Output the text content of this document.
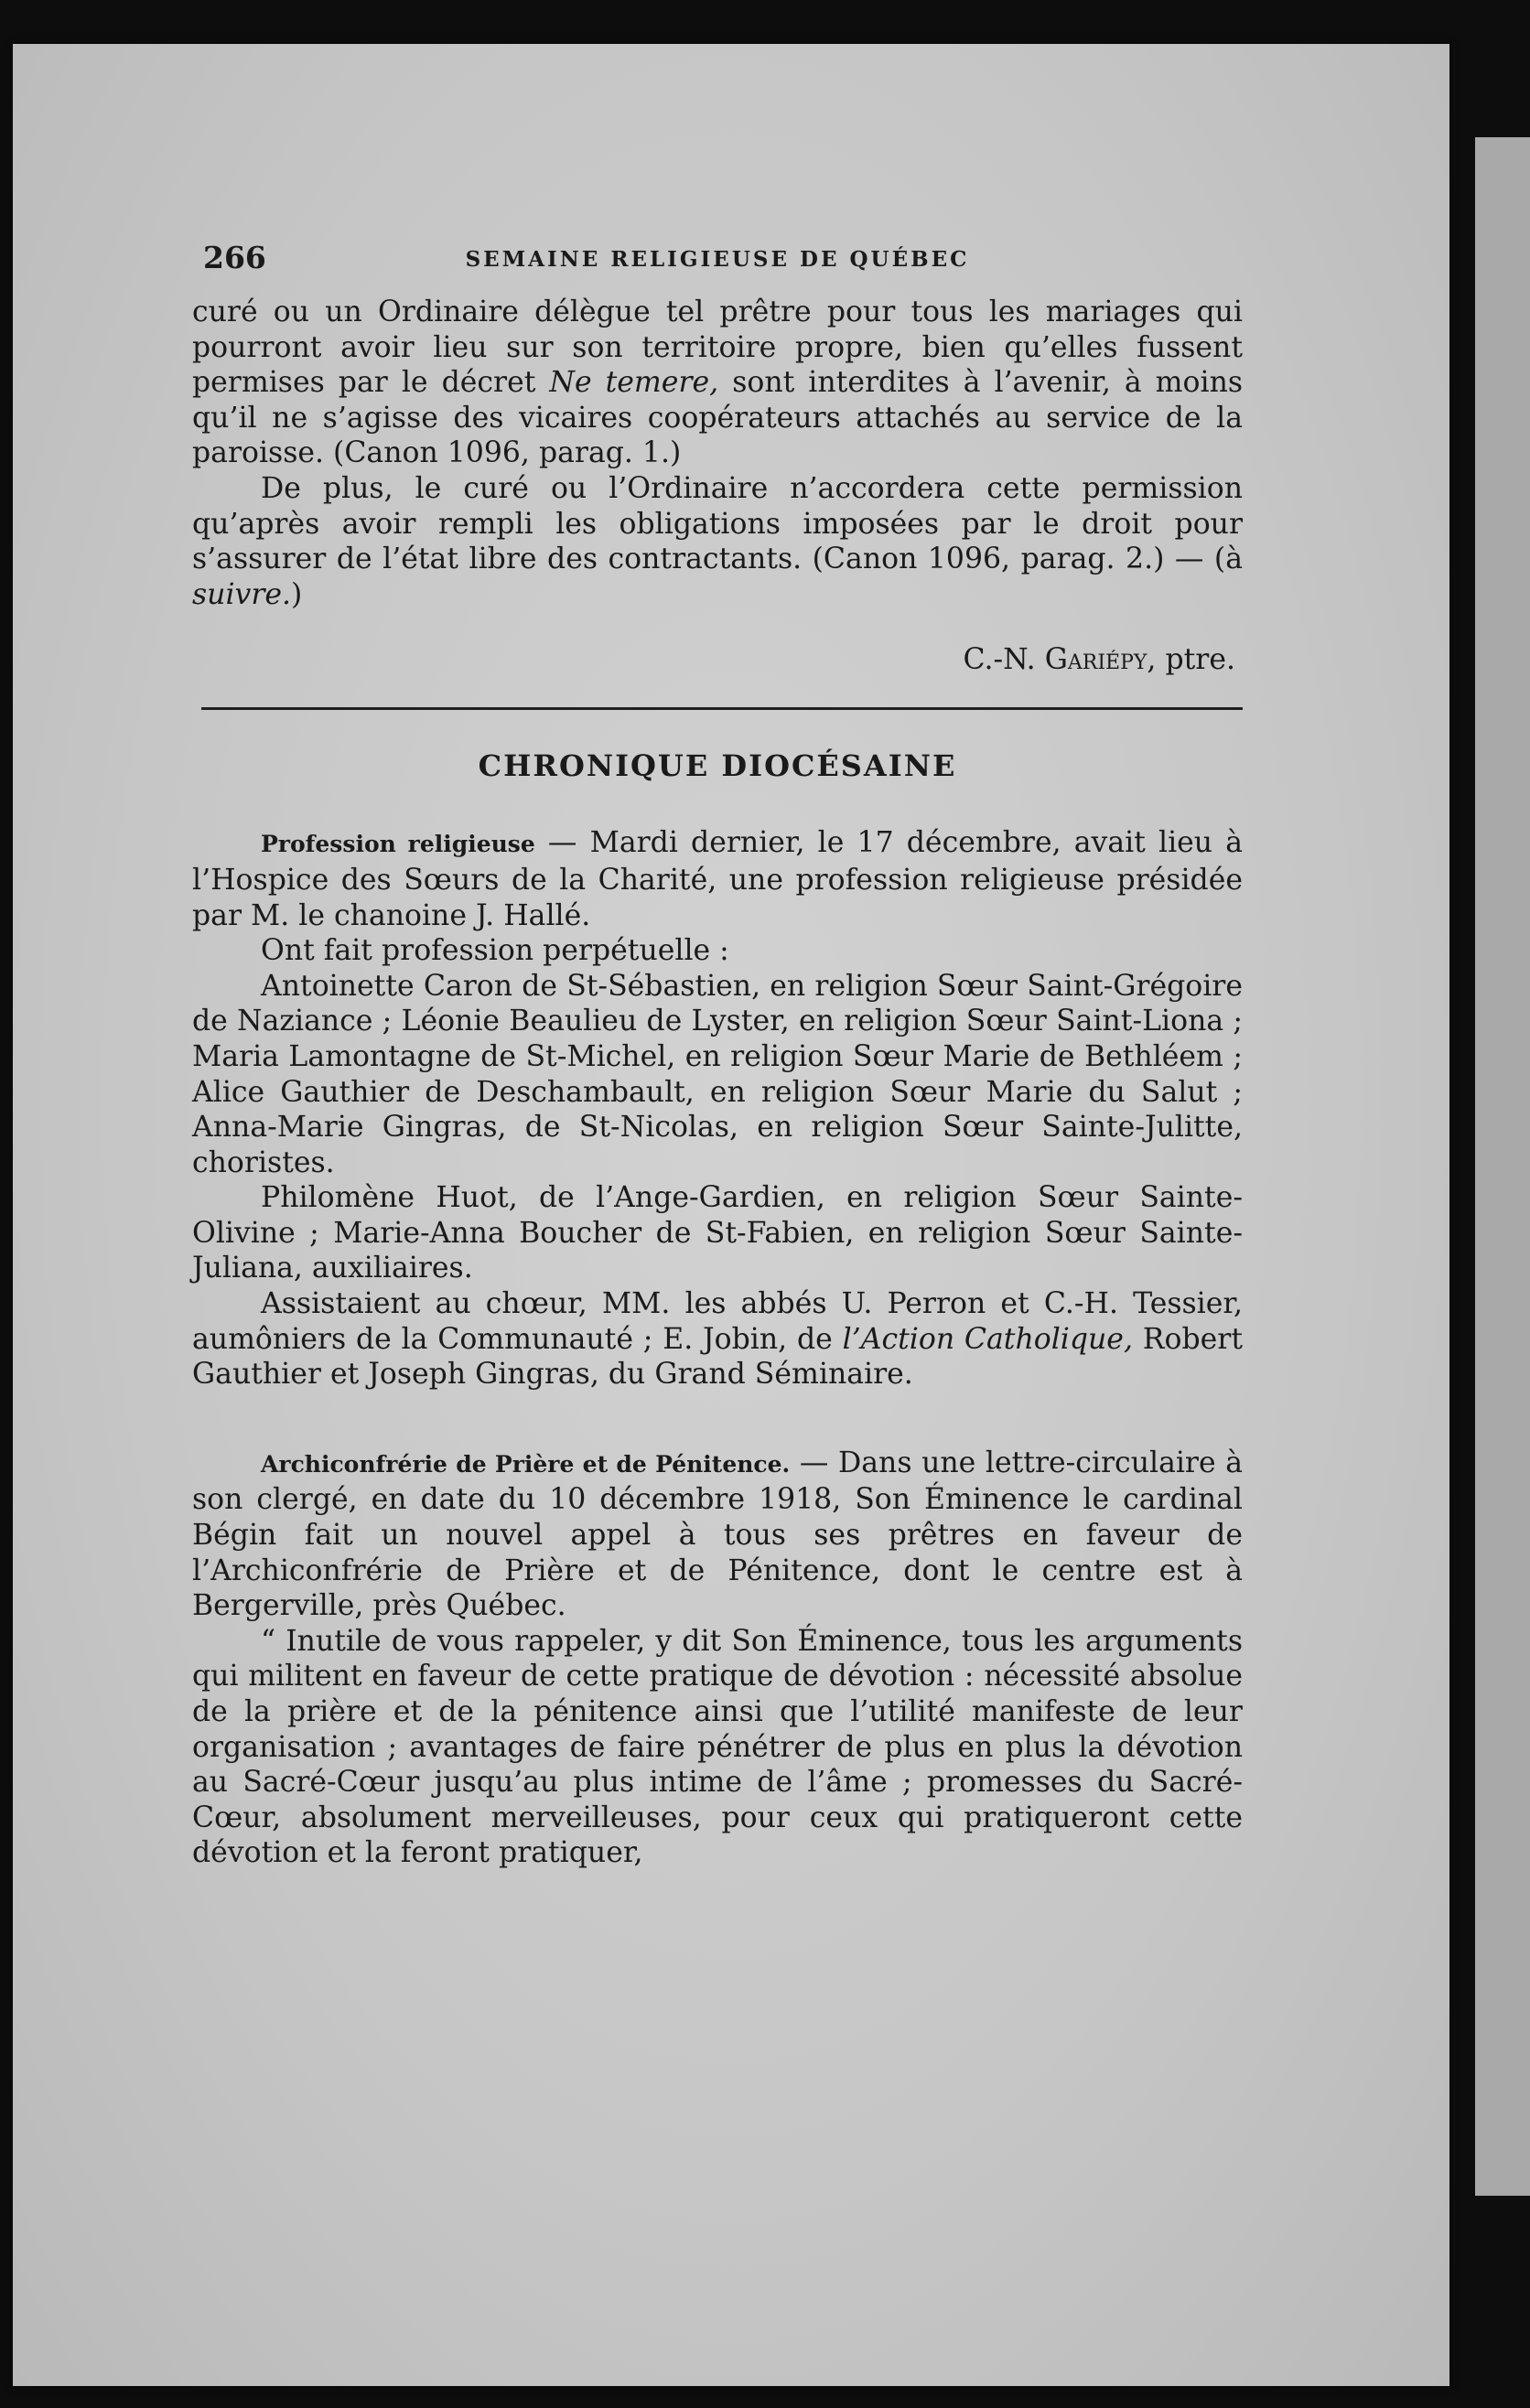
266	SEMAINE RELIGIEUSE DE QUÉBEC

curé ou un Ordinaire délègue tel prêtre pour tous les mariages qui pourront avoir lieu sur son territoire propre, bien qu’elles fussent permises par le décret Ne temere, sont interdites à l’avenir, à moins qu’il ne s’agisse des vicaires coopérateurs attachés au service de la paroisse. (Canon 1096, parag. 1.)

De plus, le curé ou l’Ordinaire n’accordera cette permission qu’après avoir rempli les obligations imposées par le droit pour s’assurer de l’état libre des contractants. (Canon 1096, parag. 2.) — (à suivre.)

C.-N. Gariépy, ptre.
CHRONIQUE DIOCÉSAINE

Profession religieuse — Mardi dernier, le 17 décembre, avait lieu à l’Hospice des Sœurs de la Charité, une profession religieuse présidée par M. le chanoine J. Hallé.

Ont fait profession perpétuelle :

Antoinette Caron de St-Sébastien, en religion Sœur Saint-Grégoire de Naziance ; Léonie Beaulieu de Lyster, en religion Sœur Saint-Liona ; Maria Lamontagne de St-Michel, en religion Sœur Marie de Bethléem ; Alice Gauthier de Deschambault, en religion Sœur Marie du Salut ; Anna-Marie Gingras, de St-Nicolas, en religion Sœur Sainte-Julitte, choristes.

Philomène Huot, de l’Ange-Gardien, en religion Sœur Sainte-Olivine ; Marie-Anna Boucher de St-Fabien, en religion Sœur Sainte-Juliana, auxiliaires.

Assistaient au chœur, MM. les abbés U. Perron et C.-H. Tessier, aumôniers de la Communauté ; E. Jobin, de l’Action Catholique, Robert Gauthier et Joseph Gingras, du Grand Séminaire.

Archiconfrérie de Prière et de Pénitence. — Dans une lettre-circulaire à son clergé, en date du 10 décembre 1918, Son Éminence le cardinal Bégin fait un nouvel appel à tous ses prêtres en faveur de l’Archiconfrérie de Prière et de Pénitence, dont le centre est à Bergerville, près Québec.

“ Inutile de vous rappeler, y dit Son Éminence, tous les arguments qui militent en faveur de cette pratique de dévotion : nécessité absolue de la prière et de la pénitence ainsi que l’utilité manifeste de leur organisation ; avantages de faire pénétrer de plus en plus la dévotion au Sacré-Cœur jusqu’au plus intime de l’âme ; promesses du Sacré-Cœur, absolument merveilleuses, pour ceux qui pratiqueront cette dévotion et la feront pratiquer,
